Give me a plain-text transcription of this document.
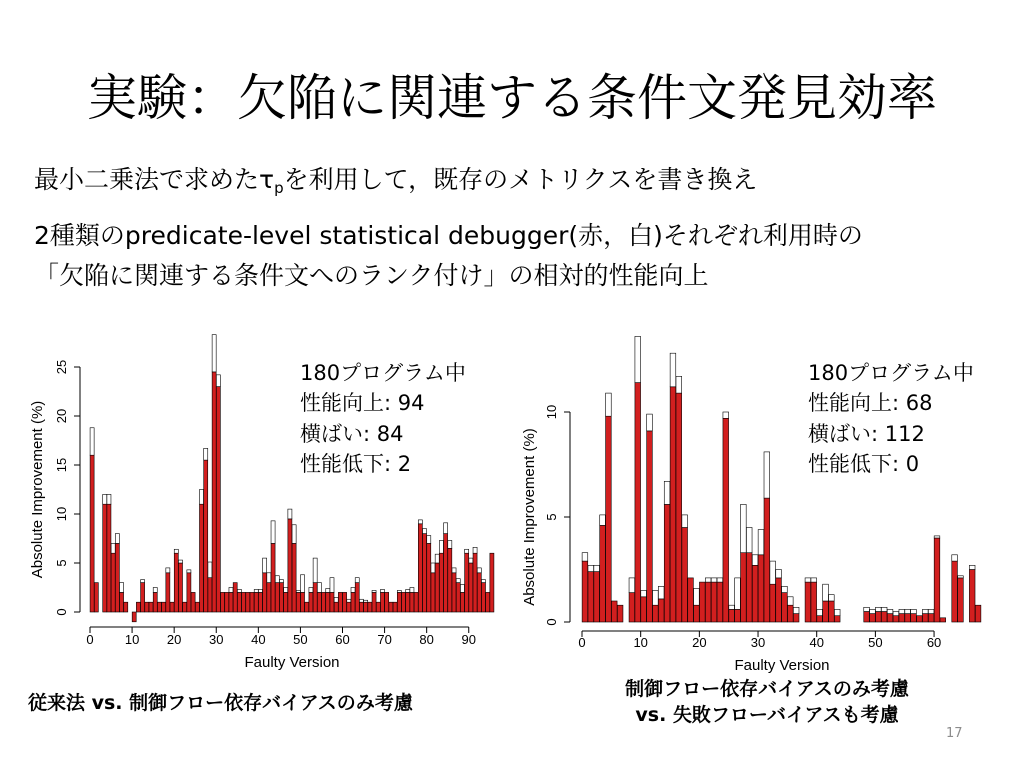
実験：欠陥に関連する条件文発見効率
最小二乗法で求めた$\tau_p$を利用して，既存のメトリクスを書き換え
2種類のpredicate-level statistical debugger(赤，白)それぞれ利用時の
「欠陥に関連する条件文へのランク付け」の相対的性能向上
0
5
10
15
20
25
0 10 20 30 40 50 60 70 80 90
Faulty Version
Absolute Improvement (%)
0
5
10
0	10	20	30	40	50	60
Faulty Version
Absolute Improvement (%)
180プログラム中
性能向上: 94
横ばい: 84
性能低下: 2
180プログラム中
性能向上: 68
横ばい: 112
性能低下: 0
従来法 vs. 制御フロー依存バイアスのみ考慮
制御フロー依存バイアスのみ考慮
vs. 失敗フローバイアスも考慮
17
